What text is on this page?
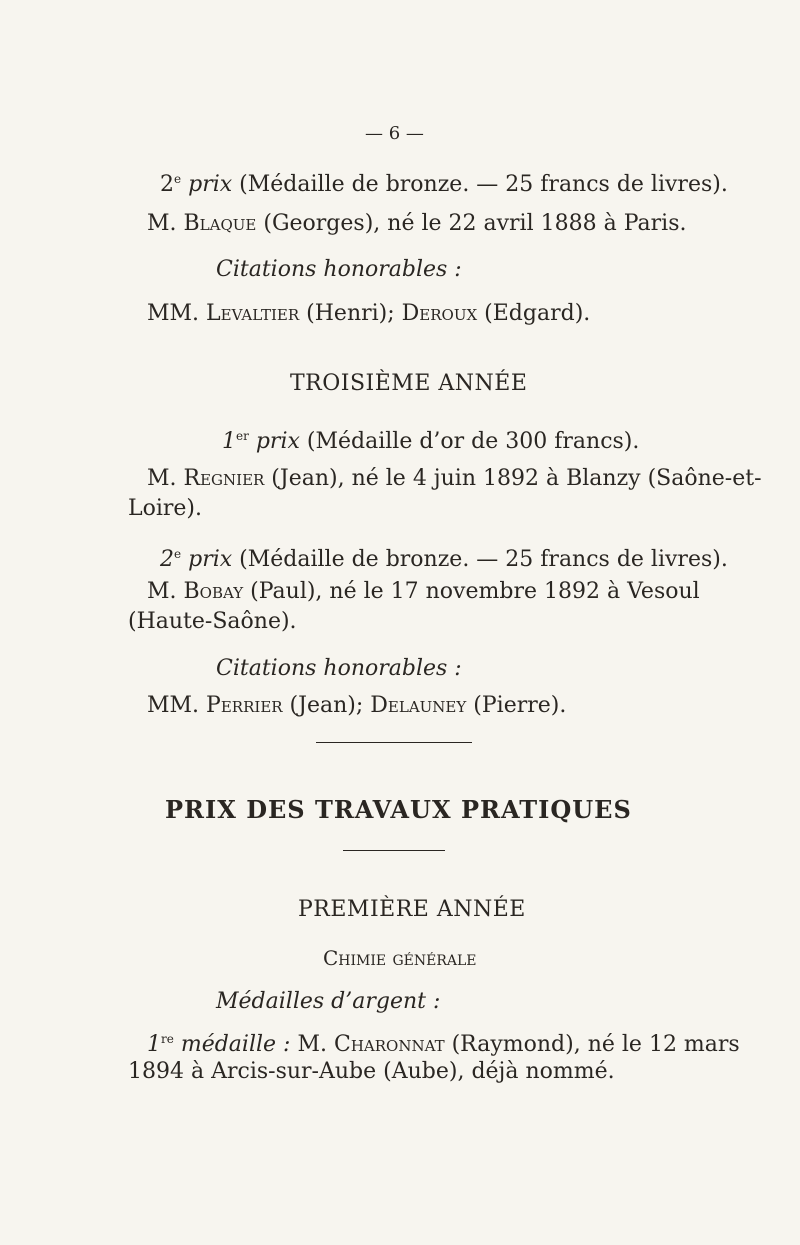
— 6 —
2e prix (Médaille de bronze. — 25 francs de livres).
M. Blaque (Georges), né le 22 avril 1888 à Paris.
Citations honorables :
MM. Levaltier (Henri); Deroux (Edgard).
TROISIÈME ANNÉE
1er prix (Médaille d’or de 300 francs).
M. Regnier (Jean), né le 4 juin 1892 à Blanzy (Saône-et-
Loire).
2e prix (Médaille de bronze. — 25 francs de livres).
M. Bobay (Paul), né le 17 novembre 1892 à Vesoul
(Haute-Saône).
Citations honorables :
MM. Perrier (Jean); Delauney (Pierre).
PRIX DES TRAVAUX PRATIQUES
PREMIÈRE ANNÉE
Chimie générale
Médailles d’argent :
1re médaille : M. Charonnat (Raymond), né le 12 mars
1894 à Arcis-sur-Aube (Aube), déjà nommé.
